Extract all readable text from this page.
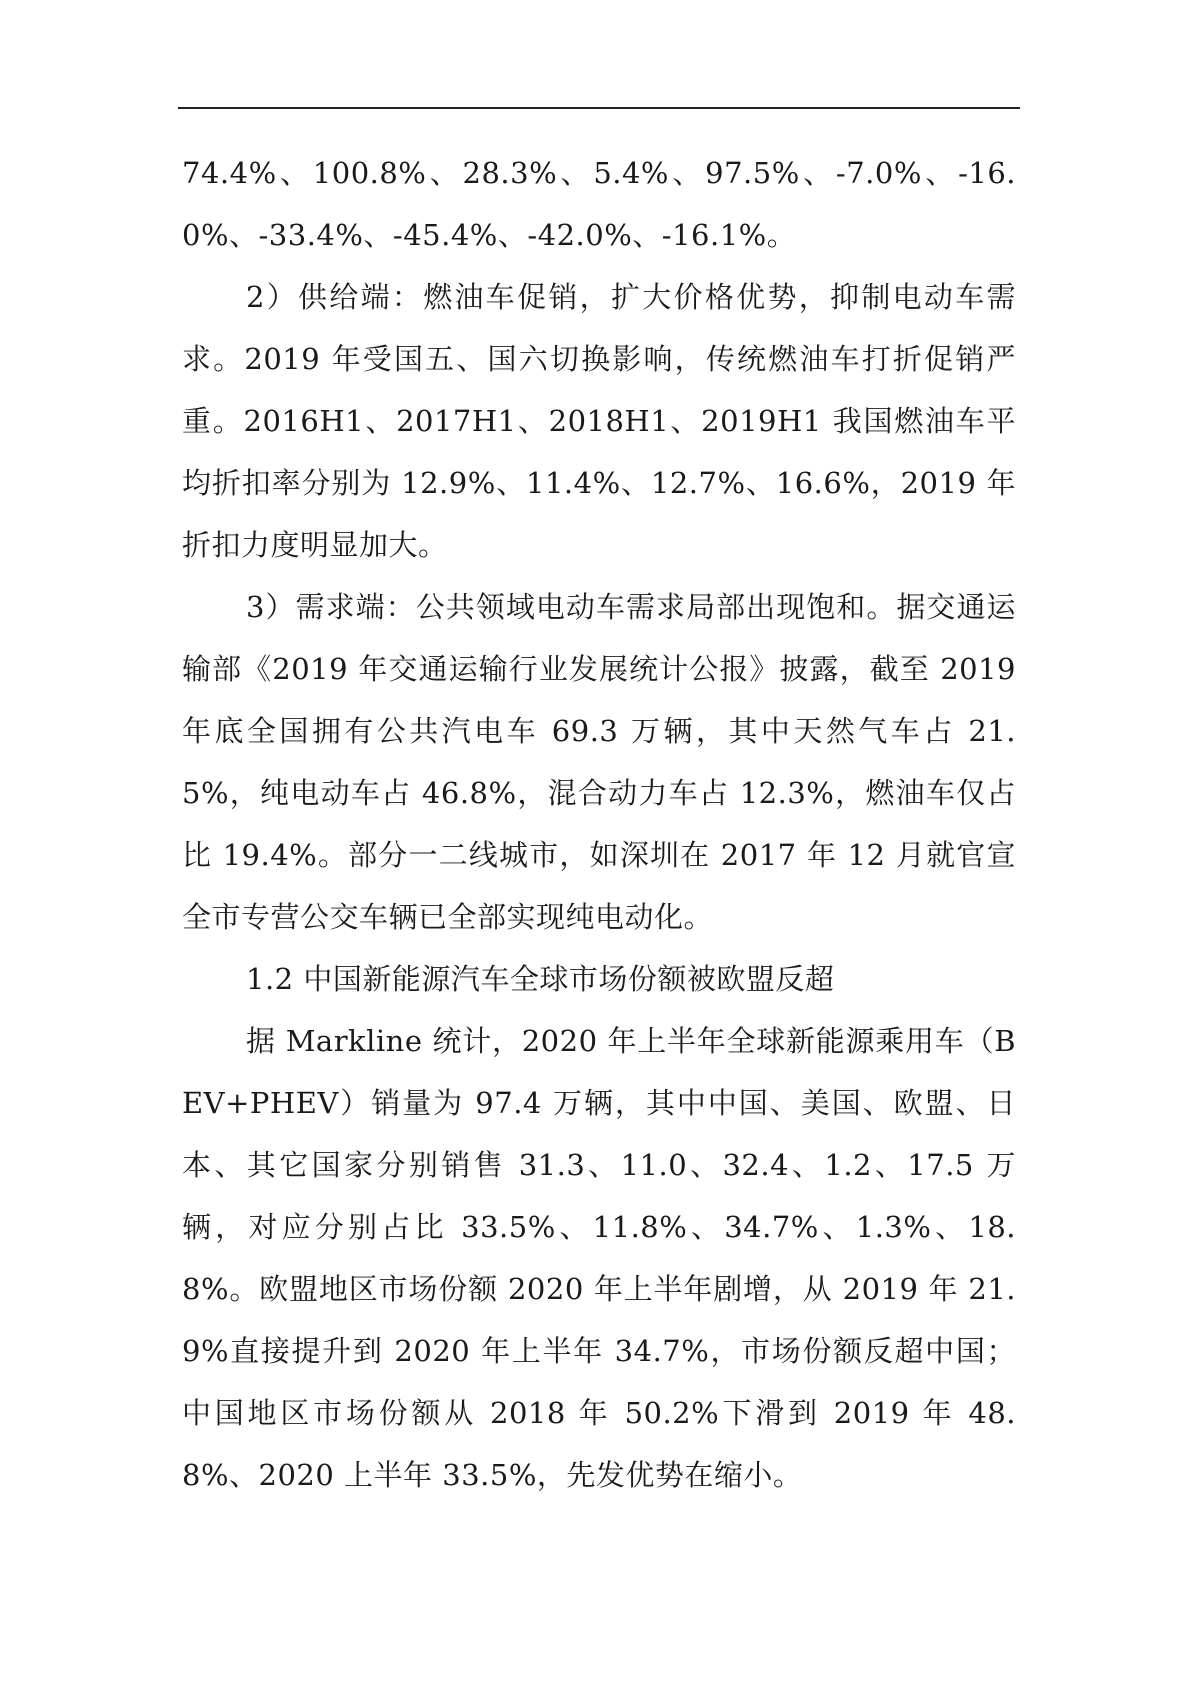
74.4%、100.8%、28.3%、5.4%、97.5%、-7.0%、-16.0%、-33.4%、-45.4%、-42.0%、-16.1%。

2）供给端：燃油车促销，扩大价格优势，抑制电动车需求。2019 年受国五、国六切换影响，传统燃油车打折促销严重。2016H1、2017H1、2018H1、2019H1 我国燃油车平均折扣率分别为 12.9%、11.4%、12.7%、16.6%，2019 年折扣力度明显加大。

3）需求端：公共领域电动车需求局部出现饱和。据交通运输部《2019 年交通运输行业发展统计公报》披露，截至 2019 年底全国拥有公共汽电车 69.3 万辆，其中天然气车占 21.5%，纯电动车占 46.8%，混合动力车占 12.3%，燃油车仅占比 19.4%。部分一二线城市，如深圳在 2017 年 12 月就官宣全市专营公交车辆已全部实现纯电动化。

1.2 中国新能源汽车全球市场份额被欧盟反超

据 Markline 统计，2020 年上半年全球新能源乘用车（BEV+PHEV）销量为 97.4 万辆，其中中国、美国、欧盟、日本、其它国家分别销售 31.3、11.0、32.4、1.2、17.5 万辆，对应分别占比 33.5%、11.8%、34.7%、1.3%、18.8%。欧盟地区市场份额 2020 年上半年剧增，从 2019 年 21.9%直接提升到 2020 年上半年 34.7%，市场份额反超中国；中国地区市场份额从 2018 年 50.2%下滑到 2019 年 48.8%、2020 上半年 33.5%，先发优势在缩小。
